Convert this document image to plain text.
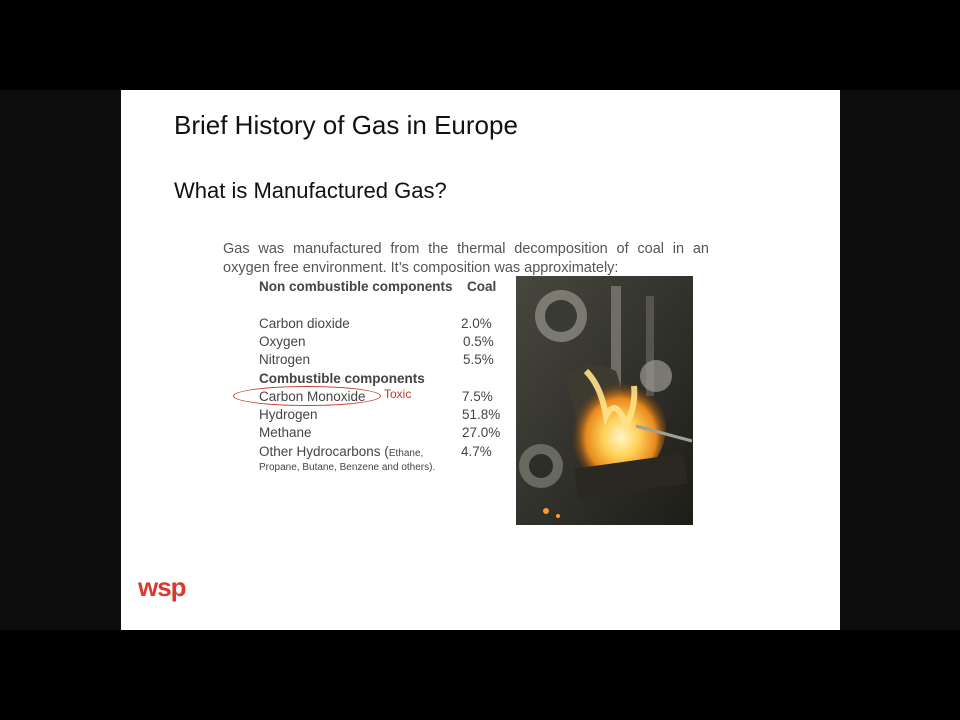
Brief History of Gas in Europe
What is Manufactured Gas?
Gas was manufactured from the thermal decomposition of coal in an oxygen free environment. It’s composition was approximately:
Non combustible components Coal
Carbon dioxide	2.0%
Oxygen	0.5%
Nitrogen	5.5%
Combustible components
Carbon Monoxide	7.5%
Hydrogen	51.8%
Methane	27.0%
Other Hydrocarbons (Ethane,	4.7%
Propane, Butane, Benzene and others).
Toxic
wsp
